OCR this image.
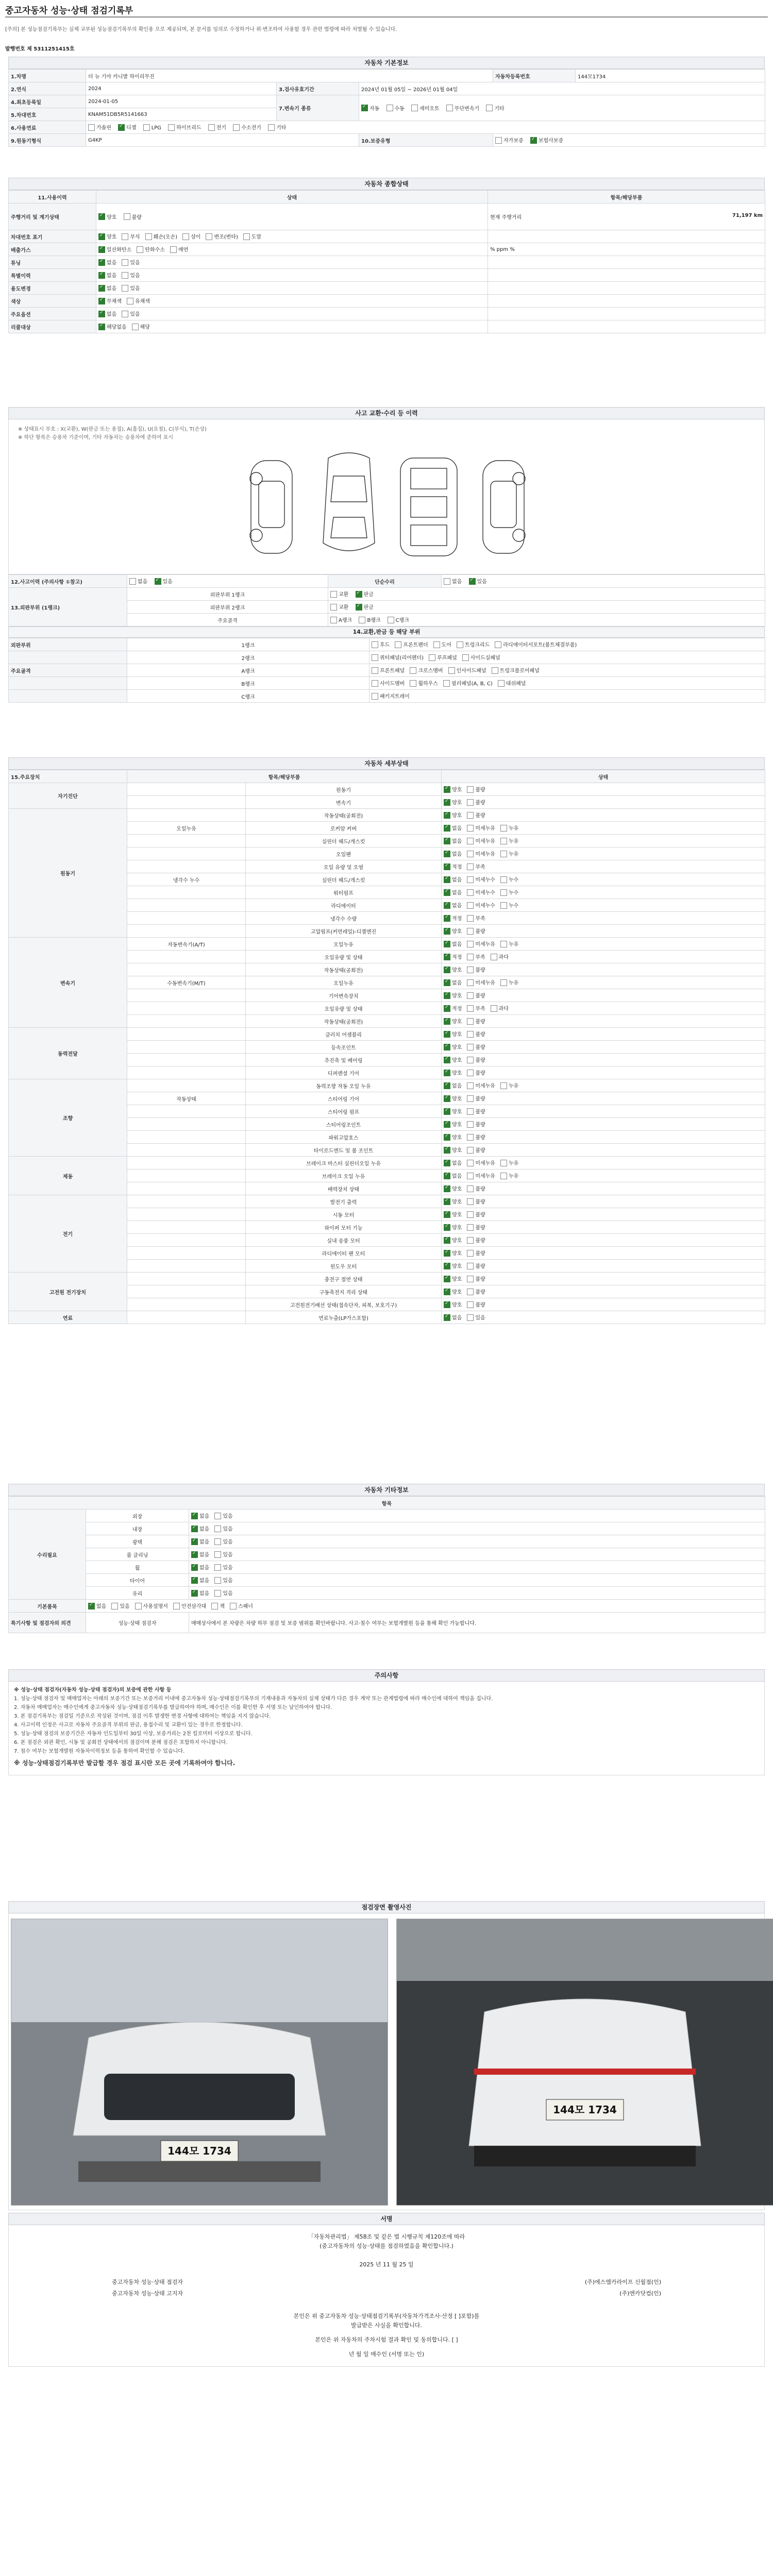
중고자동차 성능·상태 점검기록부
[주의] 본 성능점검기록부는 실제 교부된 성능점검기록부의 확인용 으로 제공되며, 본 문서를 임의로 수정하거나 위·변조하여 사용할 경우 관련 법령에 따라 처벌될 수 있습니다.
발행번호 제 5311251415호
자동차 기본정보
1.차명	더 뉴 기아 카니발 하이리무진			자동차등록번호	144모1734
2.연식	2024	3.검사유효기간	2024년 01월 05일 ~ 2026년 01월 04일		
4.최초등록일	2024-01-05	7.변속기 종류	✓자동 수동 세미오토 무단변속기 기타
5.차대번호	KNAM51DB5R5141663				
6.사용연료	가솔린 ✓ 디젤 LPG 하이브리드 전기 수소전기 기타
9.원동기형식	G4KP		10.보증유형	자가보증 ✓ 보험사보증
자동차 종합상태
11.사용이력	상태	항목/해당부품
주행거리 및 계기상태	✓양호 불량	현재 주행거리 71,197 km

차대번호 표기	✓양호 부식 훼손(오손) 상이 변조(변타) 도말	
배출가스	✓일산화탄소 탄화수소 매연	% ppm %
튜닝	✓없음 있음	
특별이력	✓없음 있음	
용도변경	✓없음 있음	
색상	✓무채색 유채색	
주요옵션	✓없음 있음	
리콜대상	✓해당없음 해당	
사고 교환·수리 등 이력
※ 상태표시 부호 : X(교환), W(판금 또는 용접), A(흠집), U(요철), C(부식), T(손상)
※ 하단 항목은 승용차 기준이며, 기타 자동차는 승용차에 준하여 표시
12.사고이력 (주의사항 ①참고)	없음 ✓ 있음	단순수리	없음 ✓ 있음
13.외판부위 (1랭크)	외판부위 1랭크	교환 ✓ 판금
	외판부위 2랭크	교환 ✓ 판금
	주요골격	A랭크 B랭크 C랭크	
14.교환,판금 등 해당 부위
외판부위	1랭크	후드 프론트펜더 도어 트렁크리드 라디에이터서포트(볼트체결부품)
	2랭크	쿼터패널(리어펜더) 루프패널 사이드실패널
주요골격	A랭크	프론트패널 크로스멤버 인사이드패널 트렁크플로어패널
	B랭크	사이드멤버 휠하우스 필러패널(A, B, C) 대쉬패널
	C랭크	패키지트레이
자동차 세부상태
15.주요장치	항목/해당부품		상태
자기진단		원동기	✓양호 불량
		변속기	✓양호 불량
원동기		작동상태(공회전)	✓양호 불량
	오일누유	로커암 커버	✓없음 미세누유 누유
		실린더 헤드/개스킷	✓없음 미세누유 누유
		오일팬	✓없음 미세누유 누유
		오일 유량 및 오염	✓적정 부족
	냉각수 누수	실린더 헤드/개스킷	✓없음 미세누수 누수
		워터펌프	✓없음 미세누수 누수
		라디에이터	✓없음 미세누수 누수
		냉각수 수량	✓적정 부족
		고압펌프(커먼레일)-디젤엔진	✓양호 불량
변속기	자동변속기(A/T)	오일누유	✓없음 미세누유 누유
		오일유량 및 상태	✓적정 부족 과다
		작동상태(공회전)	✓양호 불량
	수동변속기(M/T)	오일누유	✓없음 미세누유 누유
		기어변속장치	✓양호 불량
		오일유량 및 상태	✓적정 부족 과다
		작동상태(공회전)	✓양호 불량
동력전달		클러치 어셈블리	✓양호 불량
		등속조인트	✓양호 불량
		추진축 및 베어링	✓양호 불량
		디퍼렌셜 기어	✓양호 불량
조향		동력조향 작동 오일 누유	✓없음 미세누유 누유
	작동상태	스티어링 기어	✓양호 불량
		스티어링 펌프	✓양호 불량
		스티어링조인트	✓양호 불량
		파워고압호스	✓양호 불량
		타이로드엔드 및 볼 조인트	✓양호 불량
제동		브레이크 마스터 실린더오일 누유	✓없음 미세누유 누유
		브레이크 오일 누유	✓없음 미세누유 누유
		배력장치 상태	✓양호 불량
전기		발전기 출력	✓양호 불량
		시동 모터	✓양호 불량
		와이퍼 모터 기능	✓양호 불량
		실내 송풍 모터	✓양호 불량
		라디에이터 팬 모터	✓양호 불량
		윈도우 모터	✓양호 불량
고전원 전기장치		충전구 절연 상태	✓양호 불량
		구동축전지 격리 상태	✓양호 불량
		고전원전기배선 상태(접속단자, 피복, 보호기구)	✓양호 불량
연료		연료누출(LP가스포함)	✓없음 있음
자동차 기타정보
항목		
수리필요	외장	✓없음 있음
	내장	✓없음 있음
	광택	✓없음 있음
	룸 클리닝	✓없음 있음
	휠	✓없음 있음
	타이어	✓없음 있음
	유리	✓없음 있음
기본품목	✓없음 있음 사용설명서 안전삼각대 잭 스패너
특기사항 및 점검자의 의견	성능·상태 점검자	매매상사에서 본 차량은 차량 하부 점검 및 보증 범위를 확인바랍니다. 사고·침수 여부는 보험개발원 등을 통해 확인 가능합니다.
주의사항

※ 성능·상태 점검자(자동차 성능·상태 점검자)의 보증에 관한 사항 등

1. 성능·상태 점검자 및 매매업자는 아래의 보증기간 또는 보증거리 이내에 중고자동차 성능·상태점검기록부의 기재내용과 자동차의 실제 상태가 다른 경우 계약 또는 관계법령에 따라 매수인에 대하여 책임을 집니다.

2. 자동차 매매업자는 매수인에게 중고자동차 성능·상태점검기록부를 발급하여야 하며, 매수인은 이를 확인한 후 서명 또는 날인하여야 합니다.

3. 본 점검기록부는 점검일 기준으로 작성된 것이며, 점검 이후 발생한 변경 사항에 대하여는 책임을 지지 않습니다.

4. 사고이력 인정은 사고로 자동차 주요골격 부위의 판금, 용접수리 및 교환이 있는 경우로 한정합니다.

5. 성능·상태 점검의 보증기간은 자동차 인도일부터 30일 이상, 보증거리는 2천 킬로미터 이상으로 합니다.

6. 본 점검은 외관 확인, 시동 및 공회전 상태에서의 점검이며 분해 점검은 포함하지 아니합니다.

7. 침수 여부는 보험개발원 자동차이력정보 등을 통하여 확인할 수 있습니다.

※ 성능·상태점검기록부만 발급할 경우 점검 표시란 모든 곳에 기록하여야 합니다.

점검장면 촬영사진
144모 1734
144모 1734
서명
「자동차관리법」 제58조 및 같은 법 시행규칙 제120조에 따라
(중고자동차의 성능·상태를 점검하였음을 확인합니다.)
2025 년 11 월 25 일
중고자동차 성능·상태 점검자	(주)에스엠카라이프 신월점(인)
중고자동차 성능·상태 고지자	(주)엔카닷컴(인)
본인은 위 중고자동차 성능·상태점검기록부(자동차가격조사·산정 [ ]포함)를
발급받은 사실을 확인합니다.
본인은 위 자동차의 주차시험 결과 확인 및 동의합니다. [ ]
년 월 일 매수인 (서명 또는 인)
